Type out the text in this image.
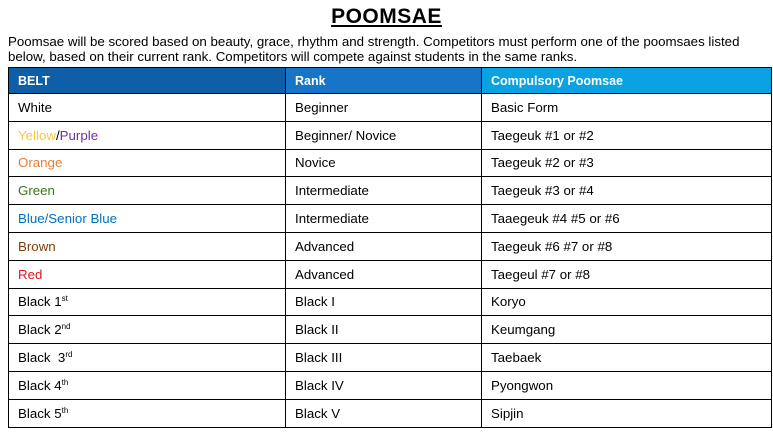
POOMSAE
Poomsae will be scored based on beauty, grace, rhythm and strength. Competitors must perform one of the poomsaes listed below, based on their current rank. Competitors will compete against students in the same ranks.
BELT	Rank	Compulsory Poomsae
White	Beginner	Basic Form
Yellow/Purple	Beginner/ Novice	Taegeuk #1 or #2
Orange	Novice	Taegeuk #2 or #3
Green	Intermediate	Taegeuk #3 or #4
Blue/Senior Blue	Intermediate	Taaegeuk #4 #5 or #6
Brown	Advanced	Taegeuk #6 #7 or #8
Red	Advanced	Taegeul #7 or #8
Black 1st	Black I	Koryo
Black 2nd	Black II	Keumgang
Black  3rd	Black III	Taebaek
Black 4th	Black IV	Pyongwon
Black 5th	Black V	Sipjin
